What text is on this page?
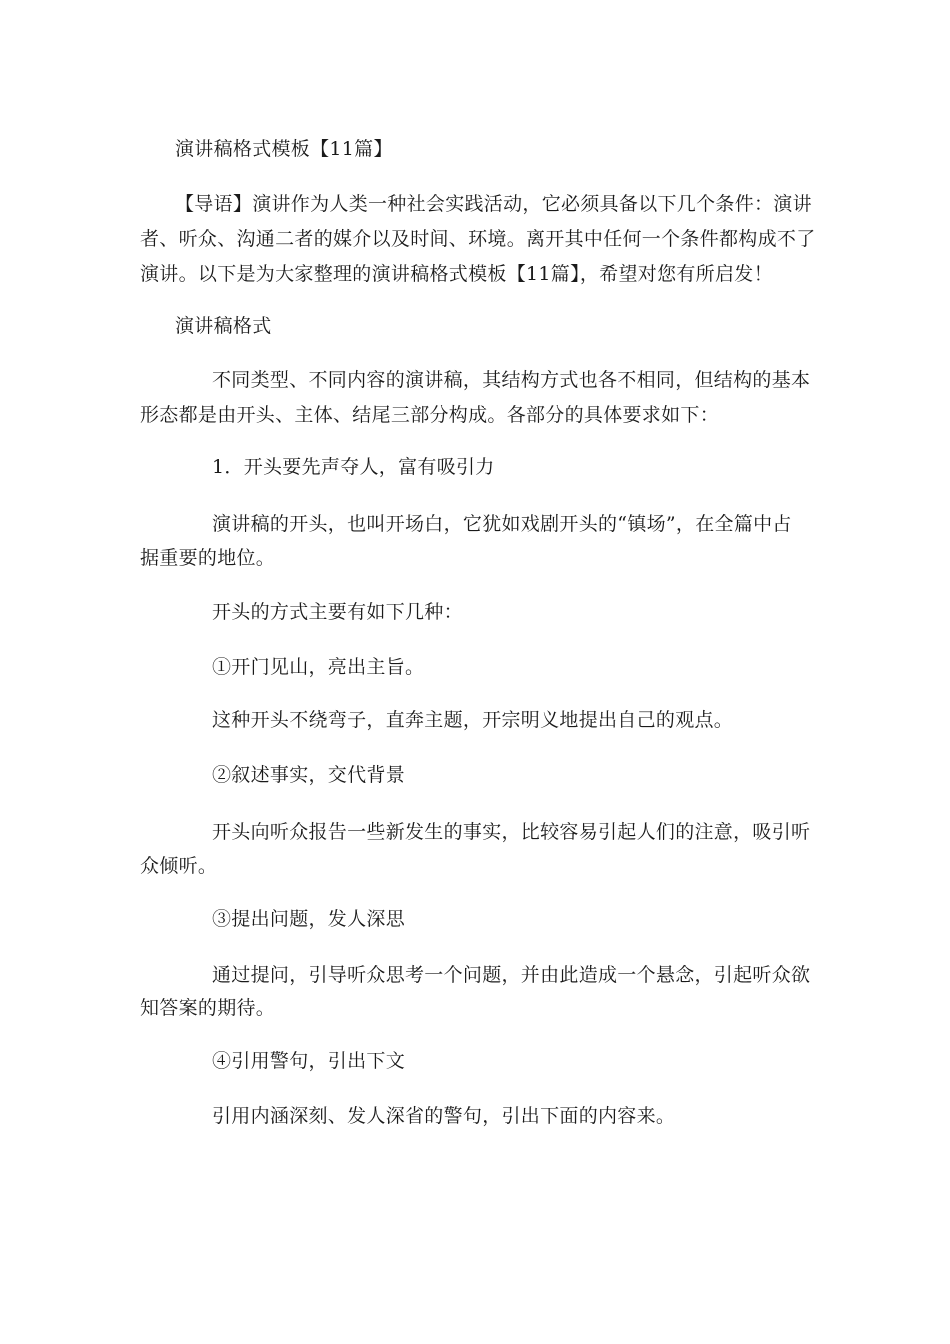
演讲稿格式模板【11篇】
【导语】演讲作为人类一种社会实践活动，它必须具备以下几个条件：演讲
者、听众、沟通二者的媒介以及时间、环境。离开其中任何一个条件都构成不了
演讲。以下是为大家整理的演讲稿格式模板【11篇】，希望对您有所启发！
演讲稿格式
不同类型、不同内容的演讲稿，其结构方式也各不相同，但结构的基本
形态都是由开头、主体、结尾三部分构成。各部分的具体要求如下：
1．开头要先声夺人，富有吸引力
演讲稿的开头，也叫开场白，它犹如戏剧开头的“镇场”，在全篇中占
据重要的地位。
开头的方式主要有如下几种：
①开门见山，亮出主旨。
这种开头不绕弯子，直奔主题，开宗明义地提出自己的观点。
②叙述事实，交代背景
开头向听众报告一些新发生的事实，比较容易引起人们的注意，吸引听
众倾听。
③提出问题，发人深思
通过提问，引导听众思考一个问题，并由此造成一个悬念，引起听众欲
知答案的期待。
④引用警句，引出下文
引用内涵深刻、发人深省的警句，引出下面的内容来。
